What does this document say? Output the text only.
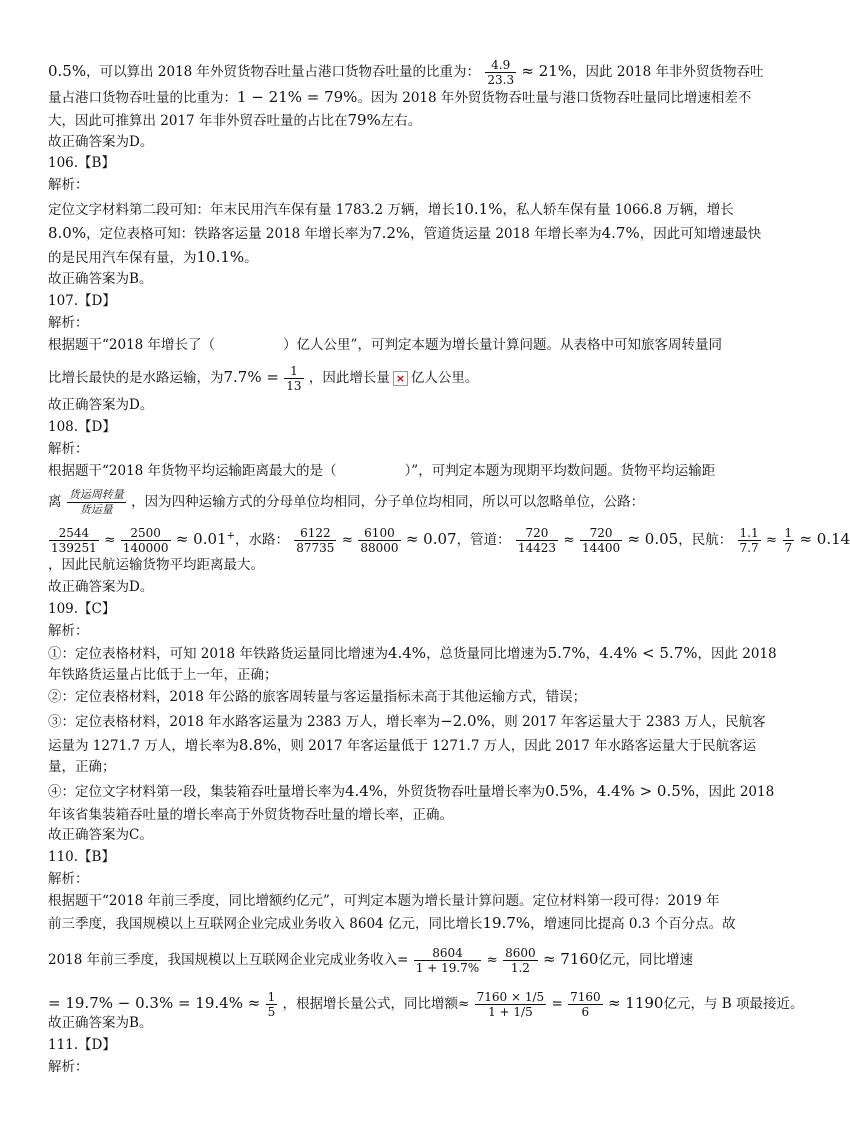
0.5%，可以算出 2018 年外贸货物吞吐量占港口货物吞吐量的比重为： $\frac{4.9}{23.3} \approx 21\%$，因此 2018 年非外贸货物吞吐
量占港口货物吞吐量的比重为：1 − 21% = 79%。因为 2018 年外贸货物吞吐量与港口货物吞吐量同比增速相差不
大，因此可推算出 2017 年非外贸吞吐量的占比在79%左右。
故正确答案为D。
106.【B】
解析：
定位文字材料第二段可知：年末民用汽车保有量 1783.2 万辆，增长10.1%，私人轿车保有量 1066.8 万辆，增长
8.0%，定位表格可知：铁路客运量 2018 年增长率为7.2%，管道货运量 2018 年增长率为4.7%，因此可知增速最快
的是民用汽车保有量，为10.1%。
故正确答案为B。
107.【D】
解析：
根据题干“2018 年增长了（	）亿人公里”，可判定本题为增长量计算问题。从表格中可知旅客周转量同
比增长最快的是水路运输，为$7.7\% = \frac{1}{13}$ ，因此增长量× 亿人公里。
故正确答案为D。
108.【D】
解析：
根据题干“2018 年货物平均运输距离最大的是（	）”，可判定本题为现期平均数问题。货物平均运输距
离 $\frac{\text{货运周转量}}{\text{货运量}}$ ，因为四种运输方式的分母单位均相同，分子单位均相同，所以可以忽略单位，公路：
$\frac{2544}{139251} \approx \frac{2500}{140000} \approx 0.01^+$，水路： $\frac{6122}{87735} \approx \frac{6100}{88000} \approx 0.07$，管道： $\frac{720}{14423} \approx \frac{720}{14400} \approx 0.05$，民航： $\frac{1.1}{7.7} \approx \frac{1}{7} \approx 0.14$
，因此民航运输货物平均距离最大。
故正确答案为D。
109.【C】
解析：
①：定位表格材料，可知 2018 年铁路货运量同比增速为4.4%，总货量同比增速为5.7%，4.4% < 5.7%，因此 2018
年铁路货运量占比低于上一年，正确；
②：定位表格材料，2018 年公路的旅客周转量与客运量指标未高于其他运输方式，错误；
③：定位表格材料，2018 年水路客运量为 2383 万人，增长率为−2.0%，则 2017 年客运量大于 2383 万人，民航客
运量为 1271.7 万人，增长率为8.8%，则 2017 年客运量低于 1271.7 万人，因此 2017 年水路客运量大于民航客运
量，正确；
④：定位文字材料第一段，集装箱吞吐量增长率为4.4%，外贸货物吞吐量增长率为0.5%，4.4% > 0.5%，因此 2018
年该省集装箱吞吐量的增长率高于外贸货物吞吐量的增长率，正确。
故正确答案为C。
110.【B】
解析：
根据题干“2018 年前三季度，同比增额约亿元”，可判定本题为增长量计算问题。定位材料第一段可得：2019 年
前三季度，我国规模以上互联网企业完成业务收入 8604 亿元，同比增长19.7%，增速同比提高 0.3 个百分点。故
2018 年前三季度，我国规模以上互联网企业完成业务收入= $\frac{8604}{1 + 19.7\%} \approx \frac{8600}{1.2} \approx 7160$亿元，同比增速
= $19.7\% - 0.3\% = 19.4\% \approx \frac{1}{5}$ ，根据增长量公式，同比增额≈ $\frac{7160 \times 1/5}{1 + 1/5} = \frac{7160}{6} \approx 1190$亿元，与 B 项最接近。
故正确答案为B。
111.【D】
解析：
